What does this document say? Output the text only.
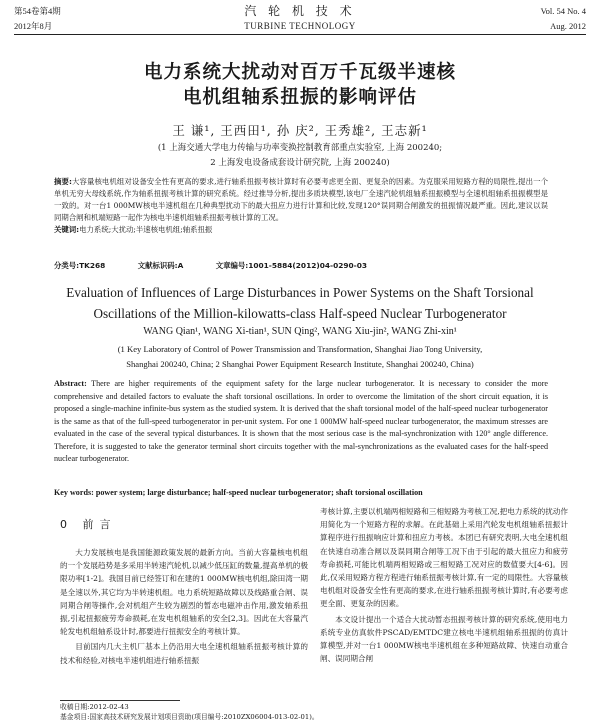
第54卷第4期
2012年8月
汽 轮 机 技 术
TURBINE TECHNOLOGY
Vol. 54 No. 4
Aug. 2012
电力系统大扰动对百万千瓦级半速核
电机组轴系扭振的影响评估
王 谦¹, 王西田¹, 孙 庆², 王秀雄², 王志新¹
(1 上海交通大学电力传输与功率变换控制教育部重点实验室, 上海 200240;
2 上海发电设备成套设计研究院, 上海 200240)
摘要:大容量核电机组对设备安全性有更高的要求,进行轴系扭振考核计算时有必要考虑更全面、更复杂的因素。为克服采用短路方程的局限性,提出一个单机无穷大母线系统,作为轴系扭振考核计算的研究系统。经过推导分析,提出多质块模型,该电厂全速汽轮机组轴系扭振模型与全速机组轴系扭振模型是一致的。对一台1 000MW核电半速机组在几种典型扰动下的最大扭应力进行计算和比较,发现120°误同期合闸激发的扭振情况最严重。因此,建议以误同期合闸和机端短路一起作为核电半速机组轴系扭振考核计算的工况。
关键词:电力系统;大扰动;半速核电机组;轴系扭振
分类号:TK268	文献标识码:A	文章编号:1001-5884(2012)04-0290-03
Evaluation of Influences of Large Disturbances in Power Systems on the Shaft Torsional
Oscillations of the Million-kilowatts-class Half-speed Nuclear Turbogenerator
WANG Qian¹, WANG Xi-tian¹, SUN Qing², WANG Xiu-jin², WANG Zhi-xin¹
(1 Key Laboratory of Control of Power Transmission and Transformation, Shanghai Jiao Tong University,
Shanghai 200240, China; 2 Shanghai Power Equipment Research Institute, Shanghai 200240, China)
Abstract: There are higher requirements of the equipment safety for the large nuclear turbogenerator. It is necessary to consider the more comprehensive and detailed factors to evaluate the shaft torsional oscillations. In order to overcome the limitation of the short circuit equation, it is proposed a single-machine infinite-bus system as the studied system. It is derived that the shaft torsional model of the half-speed nuclear turbogenerator is the same as that of the full-speed turbogenerator in per-unit system. For one 1 000MW half-speed nuclear turbogenerator, the maximum stresses are evaluated in the case of the several typical disturbances. It is shown that the most serious case is the mal-synchronization with 120° angle difference. Therefore, it is suggested to take the generator terminal short circuits together with the mal-synchronizations as the evaluated cases for the half-speed nuclear turbogenerator.
Key words: power system; large disturbance; half-speed nuclear turbogenerator; shaft torsional oscillation
0 前言

大力发展核电是我国能源政策发展的最新方向。当前大容量核电机组的一个发展趋势是多采用半转速汽轮机,以减少低压缸的数量,提高单机的极限功率[1-2]。我国目前已经签订和在建的1 000MW核电机组,除田湾一期是全速以外,其它均为半转速机组。电力系统短路故障以及线路重合闸、误同期合闸等操作,会对机组产生较为剧烈的暂态电磁冲击作用,激发轴系扭振,引起扭振疲劳寿命损耗,在发电机组轴系的安全[2,3]。因此在大容量汽轮发电机组轴系设计时,都要进行扭振安全的考核计算。

目前国内几大主机厂基本上仍沿用大电全速机组轴系扭振考核计算的技术和经验,对核电半速机组进行轴系扭振

考核计算,主要以机端两相短路和三相短路为考核工况,把电力系统的扰动作用简化为一个短路方程的求解。在此基础上采用汽轮发电机组轴系扭振计算程序进行扭振响应计算和扭应力考核。本团已有研究表明,大电全速机组在快速自动准合闸以及误同期合闸等工况下由于引起的最大扭应力和疲劳寿命损耗,可能比机端两相短路或三相短路工况对应的数值要大[4-6]。因此,仅采用短路方程方程进行轴系扭振考核计算,有一定的局限性。大容量核电机组对设备安全性有更高的要求,在进行轴系扭振考核计算时,有必要考虑更全面、更复杂的因素。

本文设计提出一个适合大扰动暂态扭振考核计算的研究系统,使用电力系统专业仿真软件PSCAD/EMTDC建立核电半速机组轴系扭振的仿真计算模型,并对一台1 000MW核电半速机组在多种短路故障、快速自动重合闸、误同期合闸

收稿日期:2012-02-43
基金项目:国家高技术研究发展计划项目资助(项目编号:2010ZX06004-013-02-01)。
